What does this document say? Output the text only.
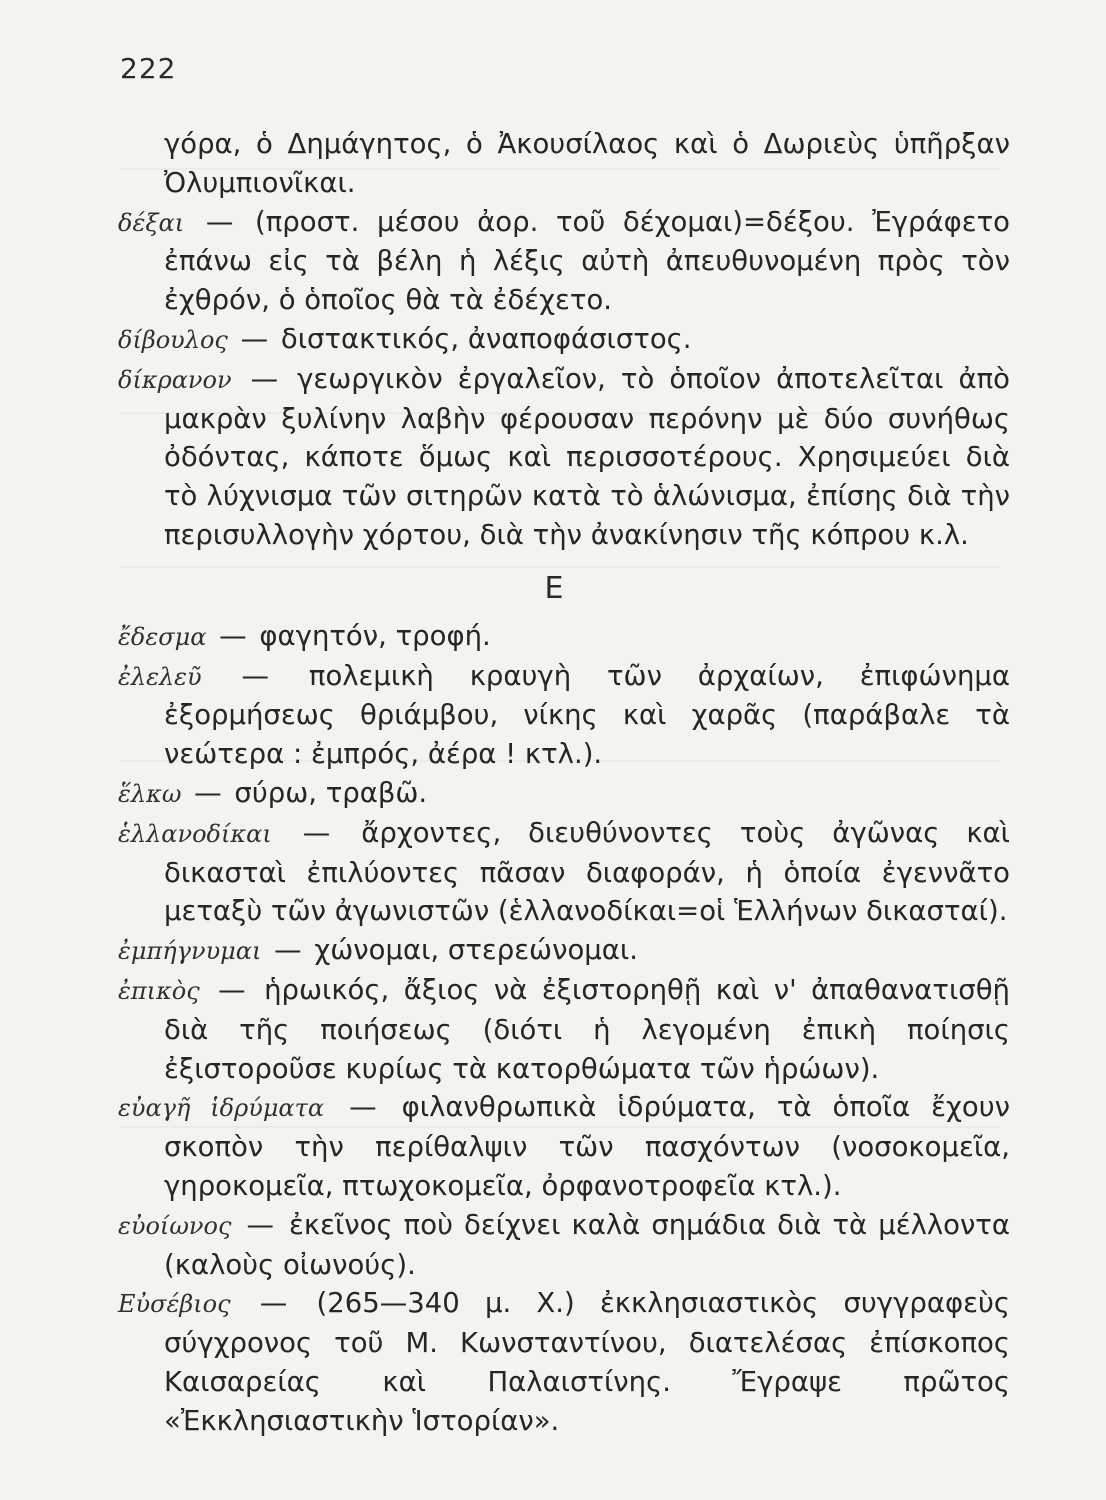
222

γόρα, ὁ Δημάγητος, ὁ Ἀκουσίλαος καὶ ὁ Δωριεὺς ὑπῆρξαν Ὀλυμπιονῖκαι.

δέξαι — (προστ. μέσου ἀορ. τοῦ δέχομαι)=δέξου. Ἐγράφετο ἐπάνω εἰς τὰ βέλη ἡ λέξις αὐτὴ ἀπευθυνομένη πρὸς τὸν ἐχθρόν, ὁ ὁποῖος θὰ τὰ ἐδέχετο.

δίβουλος — διστακτικός, ἀναποφάσιστος.

δίκρανον — γεωργικὸν ἐργαλεῖον, τὸ ὁποῖον ἀποτελεῖται ἀπὸ μακρὰν ξυλίνην λαβὴν φέρουσαν περόνην μὲ δύο συνήθως ὀδόντας, κάποτε ὅμως καὶ περισσοτέρους. Χρησιμεύει διὰ τὸ λύχνισμα τῶν σιτηρῶν κατὰ τὸ ἁλώνισμα, ἐπίσης διὰ τὴν περισυλλογὴν χόρτου, διὰ τὴν ἀνακίνησιν τῆς κόπρου κ.λ.

Ε

ἔδεσμα — φαγητόν, τροφή.

ἐλελεῦ — πολεμικὴ κραυγὴ τῶν ἀρχαίων, ἐπιφώνημα ἐξορμήσεως θριάμβου, νίκης καὶ χαρᾶς (παράβαλε τὰ νεώτερα : ἐμπρός, ἀέρα ! κτλ.).

ἕλκω — σύρω, τραβῶ.

ἑλλανοδίκαι — ἄρχοντες, διευθύνοντες τοὺς ἀγῶνας καὶ δικασταὶ ἐπιλύοντες πᾶσαν διαφοράν, ἡ ὁποία ἐγεννᾶτο μεταξὺ τῶν ἀγωνιστῶν (ἑλλανοδίκαι=οἱ Ἑλλήνων δικασταί).

ἐμπήγνυμαι — χώνομαι, στερεώνομαι.

ἐπικὸς — ἡρωικός, ἄξιος νὰ ἐξιστορηθῇ καὶ ν' ἀπαθανατισθῇ διὰ τῆς ποιήσεως (διότι ἡ λεγομένη ἐπικὴ ποίησις ἐξιστοροῦσε κυρίως τὰ κατορθώματα τῶν ἡρώων).

εὐαγῆ ἱδρύματα — φιλανθρωπικὰ ἱδρύματα, τὰ ὁποῖα ἔχουν σκοπὸν τὴν περίθαλψιν τῶν πασχόντων (νοσοκομεῖα, γηροκομεῖα, πτωχοκομεῖα, ὀρφανοτροφεῖα κτλ.).

εὐοίωνος — ἐκεῖνος ποὺ δείχνει καλὰ σημάδια διὰ τὰ μέλλοντα (καλοὺς οἰωνούς).

Εὐσέβιος — (265—340 μ. Χ.) ἐκκλησιαστικὸς συγγραφεὺς σύγχρονος τοῦ Μ. Κωνσταντίνου, διατελέσας ἐπίσκοπος Καισαρείας καὶ Παλαιστίνης. Ἔγραψε πρῶτος «Ἐκκλησιαστικὴν Ἱστορίαν».
